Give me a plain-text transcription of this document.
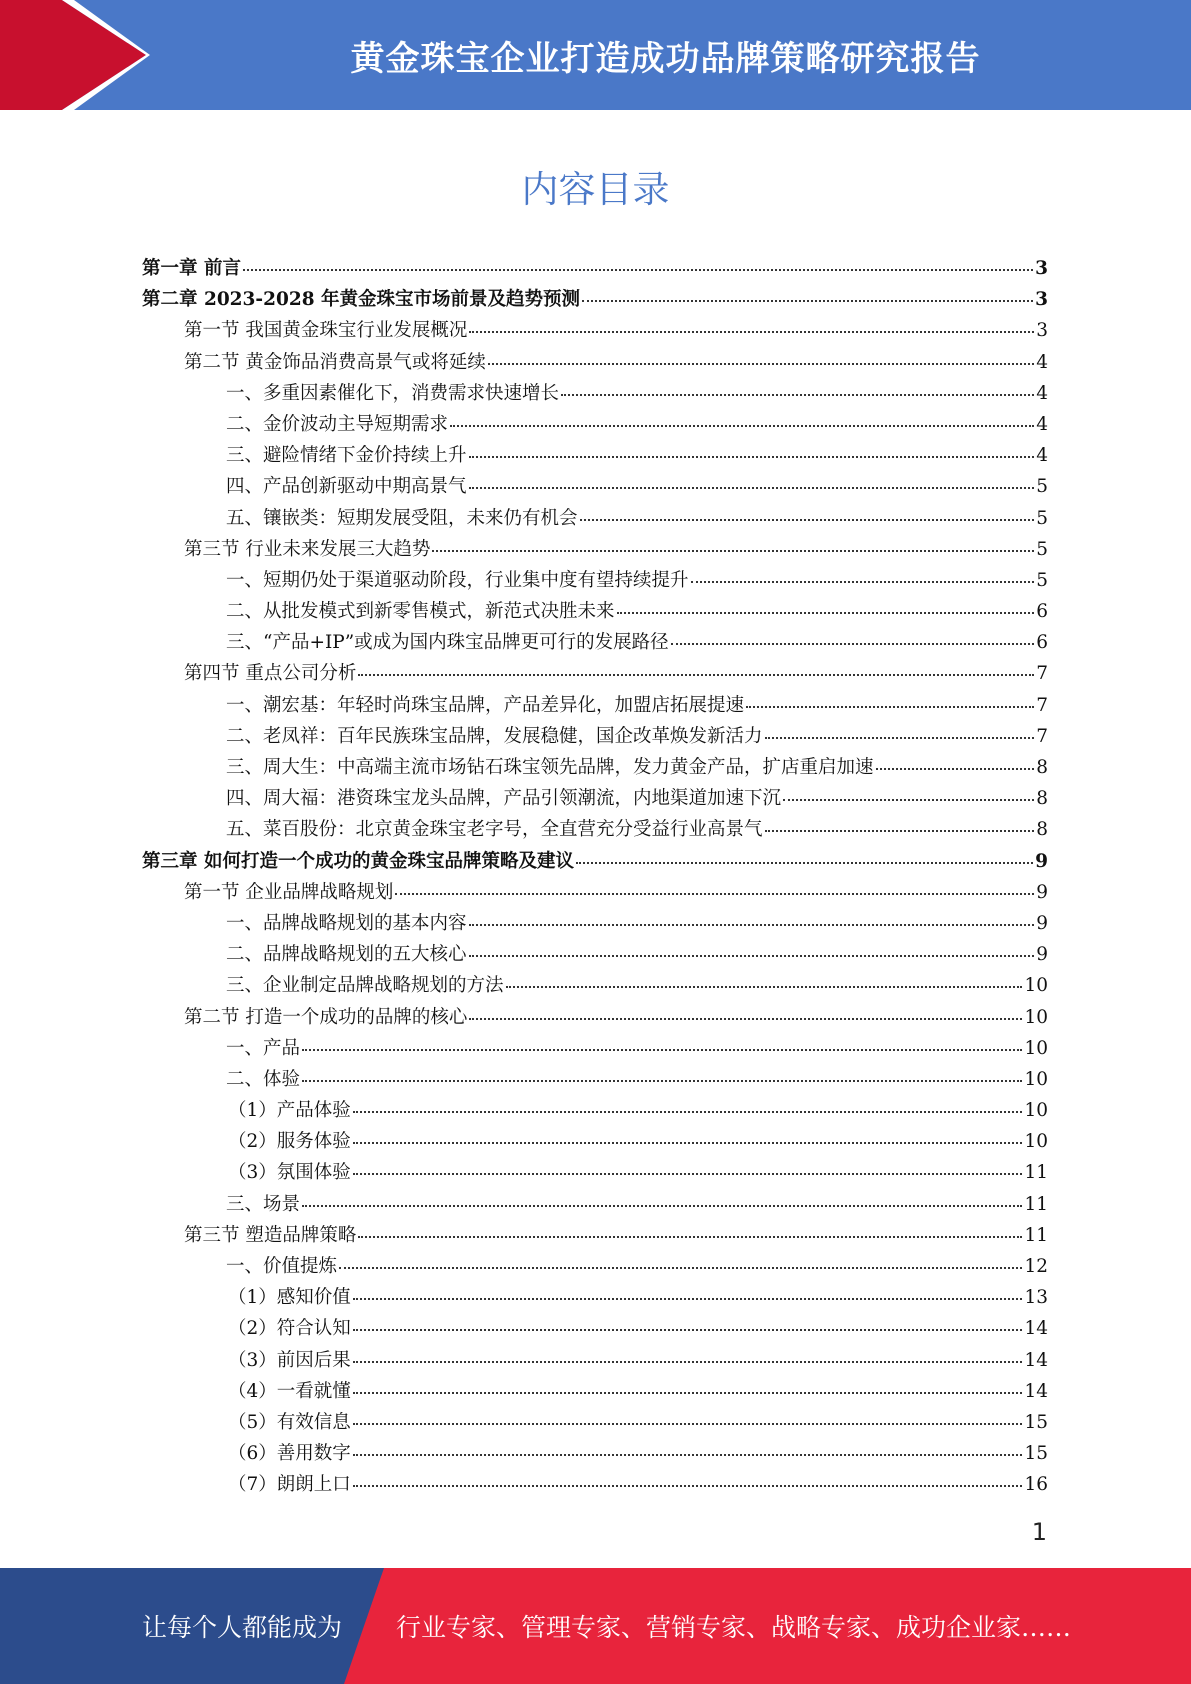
黄金珠宝企业打造成功品牌策略研究报告
内容目录
第一章 前言	3
第二章 2023-2028 年黄金珠宝市场前景及趋势预测	3
第一节 我国黄金珠宝行业发展概况	3
第二节 黄金饰品消费高景气或将延续	4
一、多重因素催化下，消费需求快速增长	4
二、金价波动主导短期需求	4
三、避险情绪下金价持续上升	4
四、产品创新驱动中期高景气	5
五、镶嵌类：短期发展受阻，未来仍有机会	5
第三节 行业未来发展三大趋势	5
一、短期仍处于渠道驱动阶段，行业集中度有望持续提升	5
二、从批发模式到新零售模式，新范式决胜未来	6
三、“产品+IP”或成为国内珠宝品牌更可行的发展路径	6
第四节 重点公司分析	7
一、潮宏基：年轻时尚珠宝品牌，产品差异化，加盟店拓展提速	7
二、老凤祥：百年民族珠宝品牌，发展稳健，国企改革焕发新活力	7
三、周大生：中高端主流市场钻石珠宝领先品牌，发力黄金产品，扩店重启加速	8
四、周大福：港资珠宝龙头品牌，产品引领潮流，内地渠道加速下沉	8
五、菜百股份：北京黄金珠宝老字号，全直营充分受益行业高景气	8
第三章 如何打造一个成功的黄金珠宝品牌策略及建议	9
第一节 企业品牌战略规划	9
一、品牌战略规划的基本内容	9
二、品牌战略规划的五大核心	9
三、企业制定品牌战略规划的方法	10
第二节 打造一个成功的品牌的核心	10
一、产品	10
二、体验	10
（1）产品体验	10
（2）服务体验	10
（3）氛围体验	11
三、场景	11
第三节 塑造品牌策略	11
一、价值提炼	12
（1）感知价值	13
（2）符合认知	14
（3）前因后果	14
（4）一看就懂	14
（5）有效信息	15
（6）善用数字	15
（7）朗朗上口	16
1
让每个人都能成为 行业专家、管理专家、营销专家、战略专家、成功企业家……
